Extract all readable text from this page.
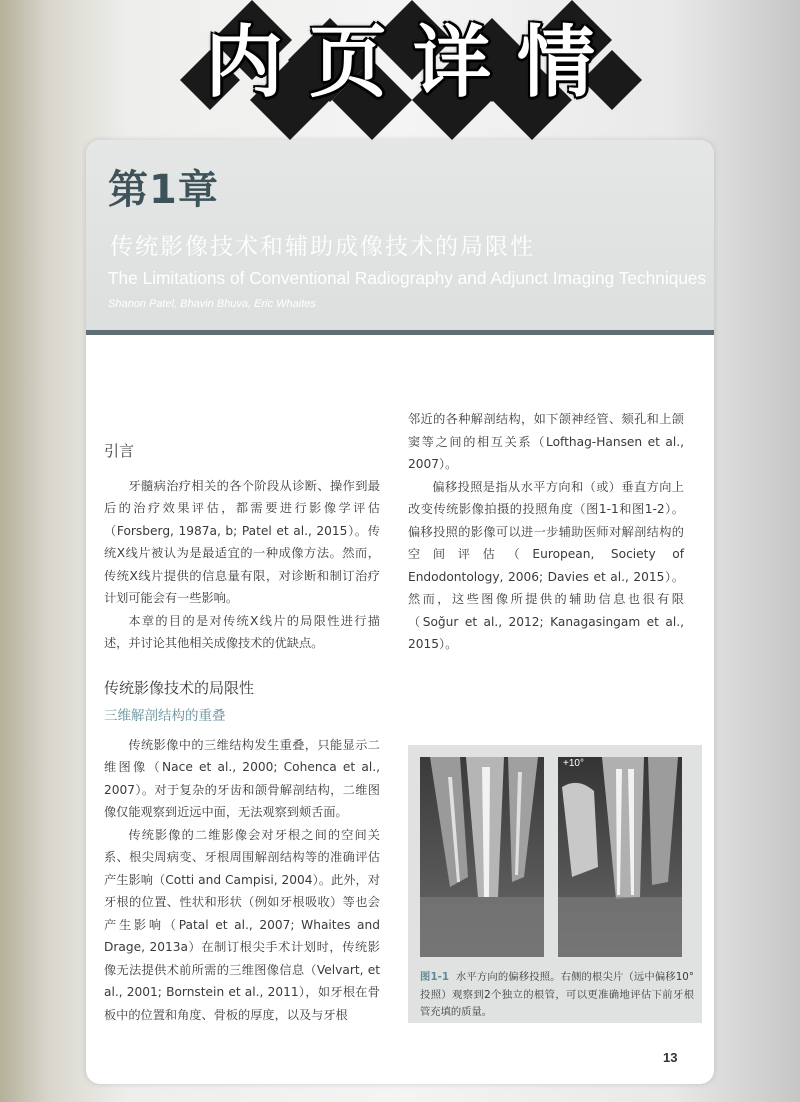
内页详情
第1章
传统影像技术和辅助成像技术的局限性
The Limitations of Conventional Radiography and Adjunct Imaging Techniques
Shanon Patel, Bhavin Bhuva, Eric Whaites
引言

牙髓病治疗相关的各个阶段从诊断、操作到最后的治疗效果评估，都需要进行影像学评估（Forsberg, 1987a, b; Patel et al., 2015）。传统X线片被认为是最适宜的一种成像方法。然而，传统X线片提供的信息量有限，对诊断和制订治疗计划可能会有一些影响。

本章的目的是对传统X线片的局限性进行描述，并讨论其他相关成像技术的优缺点。

传统影像技术的局限性
三维解剖结构的重叠

传统影像中的三维结构发生重叠，只能显示二维图像（Nace et al., 2000; Cohenca et al., 2007）。对于复杂的牙齿和颌骨解剖结构，二维图像仅能观察到近远中面，无法观察到颊舌面。

传统影像的二维影像会对牙根之间的空间关系、根尖周病变、牙根周围解剖结构等的准确评估产生影响（Cotti and Campisi, 2004）。此外，对牙根的位置、性状和形状（例如牙根吸收）等也会产生影响（Patal et al., 2007; Whaites and Drage, 2013a）在制订根尖手术计划时，传统影像无法提供术前所需的三维图像信息（Velvart, et al., 2001; Bornstein et al., 2011），如牙根在骨板中的位置和角度、骨板的厚度，以及与牙根

邻近的各种解剖结构，如下颌神经管、颏孔和上颌窦等之间的相互关系（Lofthag-Hansen et al., 2007）。

偏移投照是指从水平方向和（或）垂直方向上改变传统影像拍摄的投照角度（图1-1和图1-2）。偏移投照的影像可以进一步辅助医师对解剖结构的空间评估（European, Society of Endodontology, 2006; Davies et al., 2015）。然而，这些图像所提供的辅助信息也很有限（Soğur et al., 2012; Kanagasingam et al., 2015）。

+10°
图1-1 水平方向的偏移投照。右侧的根尖片（远中偏移10° 投照）观察到2个独立的根管，可以更准确地评估下前牙根管充填的质量。
13
